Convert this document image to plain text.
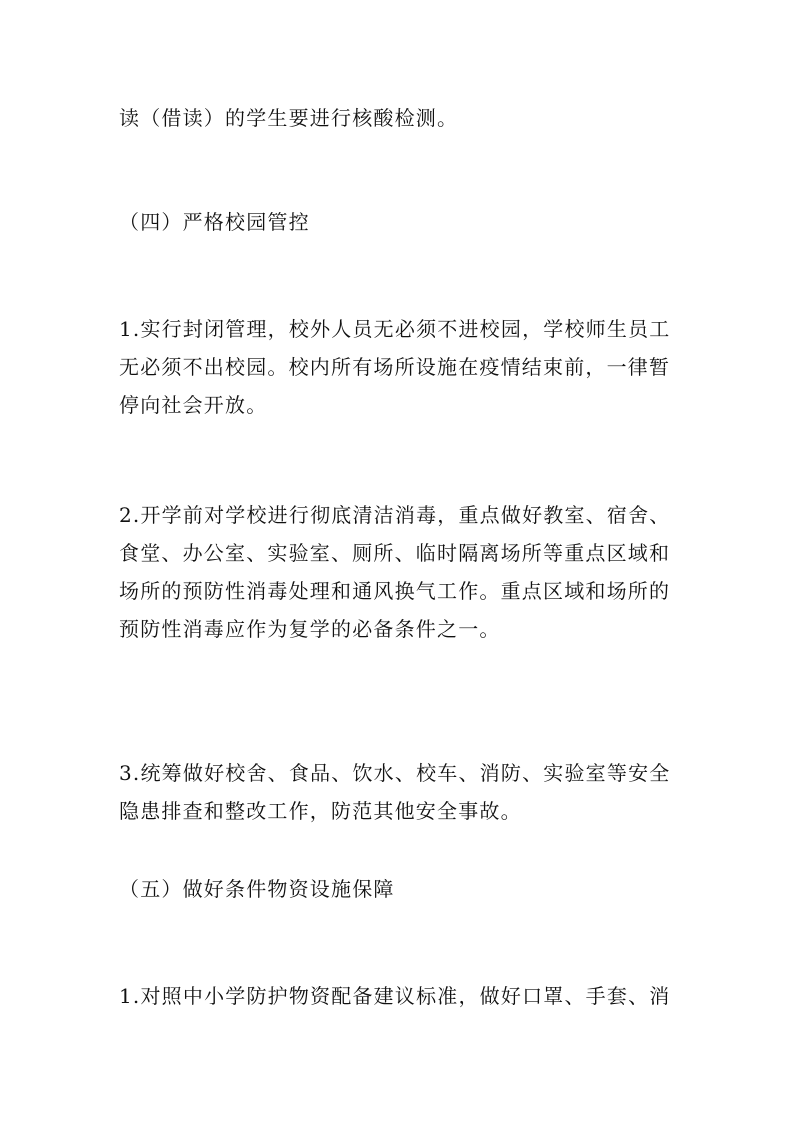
读（借读）的学生要进行核酸检测。

（四）严格校园管控

1.实行封闭管理，校外人员无必须不进校园，学校师生员工
无必须不出校园。校内所有场所设施在疫情结束前，一律暂
停向社会开放。

2.开学前对学校进行彻底清洁消毒，重点做好教室、宿舍、
食堂、办公室、实验室、厕所、临时隔离场所等重点区域和
场所的预防性消毒处理和通风换气工作。重点区域和场所的
预防性消毒应作为复学的必备条件之一。

3.统筹做好校舍、食品、饮水、校车、消防、实验室等安全
隐患排查和整改工作，防范其他安全事故。

（五）做好条件物资设施保障

1.对照中小学防护物资配备建议标准，做好口罩、手套、消
